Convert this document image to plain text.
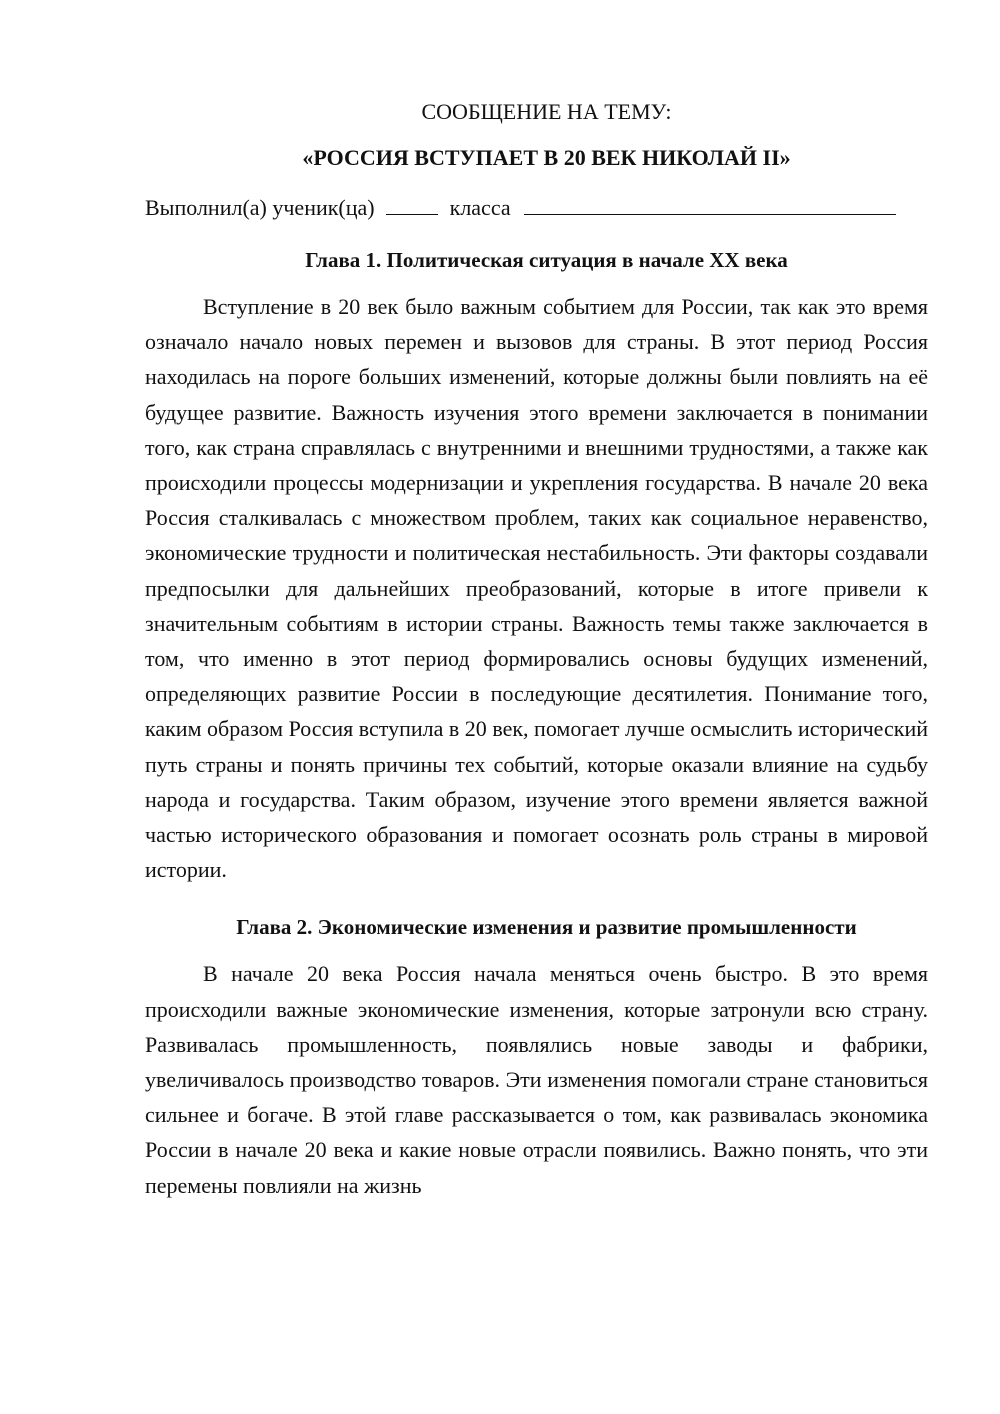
СООБЩЕНИЕ НА ТЕМУ:

«РОССИЯ ВСТУПАЕТ В 20 ВЕК НИКОЛАЙ II»

Выполнил(а) ученик(ца)	класса

Глава 1. Политическая ситуация в начале XX века

Вступление в 20 век было важным событием для России, так как это время означало начало новых перемен и вызовов для страны. В этот период Россия находилась на пороге больших изменений, которые должны были повлиять на её будущее развитие. Важность изучения этого времени заключается в понимании того, как страна справлялась с внутренними и внешними трудностями, а также как происходили процессы модернизации и укрепления государства. В начале 20 века Россия сталкивалась с множеством проблем, таких как социальное неравенство, экономические трудности и политическая нестабильность. Эти факторы создавали предпосылки для дальнейших преобразований, которые в итоге привели к значительным событиям в истории страны. Важность темы также заключается в том, что именно в этот период формировались основы будущих изменений, определяющих развитие России в последующие десятилетия. Понимание того, каким образом Россия вступила в 20 век, помогает лучше осмыслить исторический путь страны и понять причины тех событий, которые оказали влияние на судьбу народа и государства. Таким образом, изучение этого времени является важной частью исторического образования и помогает осознать роль страны в мировой истории.

Глава 2. Экономические изменения и развитие промышленности

В начале 20 века Россия начала меняться очень быстро. В это время происходили важные экономические изменения, которые затронули всю страну. Развивалась промышленность, появлялись новые заводы и фабрики, увеличивалось производство товаров. Эти изменения помогали стране становиться сильнее и богаче. В этой главе рассказывается о том, как развивалась экономика России в начале 20 века и какие новые отрасли появились. Важно понять, что эти перемены повлияли на жизнь
